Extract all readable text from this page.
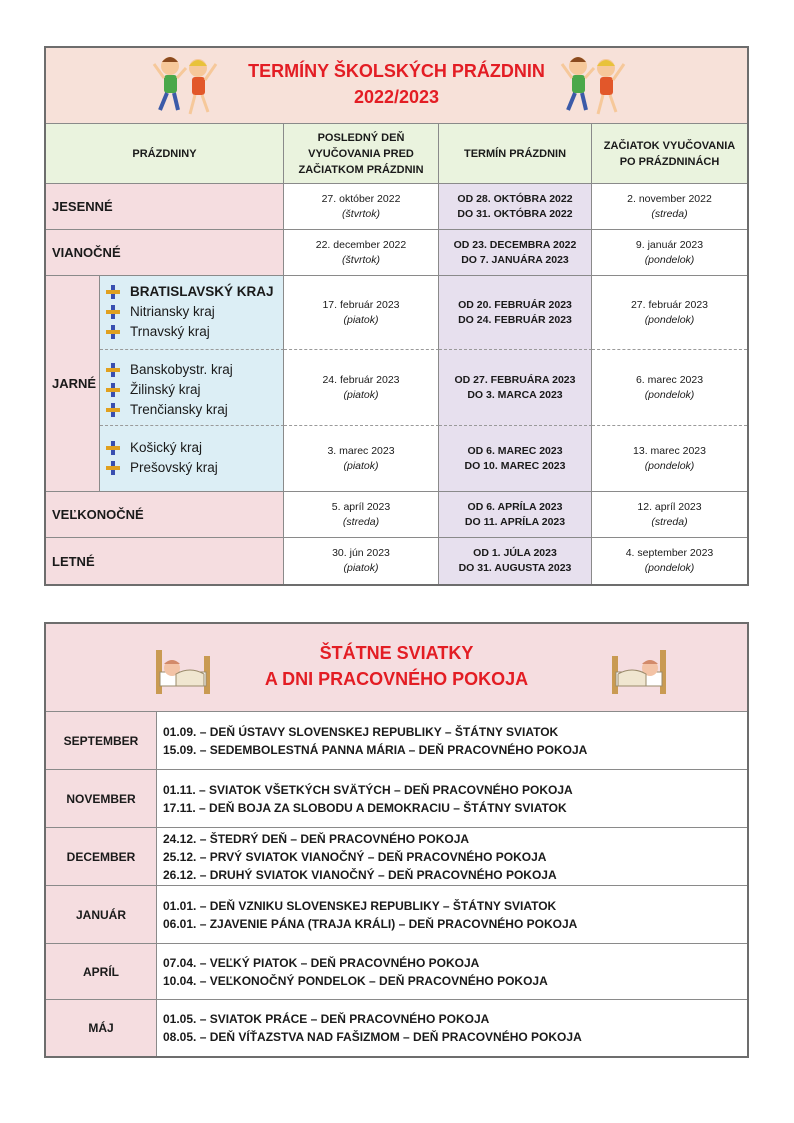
TERMÍNY ŠKOLSKÝCH PRÁZDNIN
2022/2023
PRÁZDNINY
POSLEDNÝ DEŇ
VYUČOVANIA PRED
ZAČIATKOM PRÁZDNIN
TERMÍN PRÁZDNIN
ZAČIATOK VYUČOVANIA
PO PRÁZDNINÁCH
JESENNÉ
27. október 2022
(štvrtok)
OD 28. OKTÓBRA 2022
DO 31. OKTÓBRA 2022
2. november 2022
(streda)
VIANOČNÉ
22. december 2022
(štvrtok)
OD 23. DECEMBRA 2022
DO 7. JANUÁRA 2023
9. január 2023
(pondelok)
JARNÉ
BRATISLAVSKÝ KRAJ
Nitriansky kraj
Trnavský kraj
17. február 2023
(piatok)
OD 20. FEBRUÁR 2023
DO 24. FEBRUÁR 2023
27. február 2023
(pondelok)
Banskobystr. kraj
Žilinský kraj
Trenčiansky kraj
24. február 2023
(piatok)
OD 27. FEBRUÁRA 2023
DO 3. MARCA 2023
6. marec 2023
(pondelok)
Košický kraj
Prešovský kraj
3. marec 2023
(piatok)
OD 6. MAREC 2023
DO 10. MAREC 2023
13. marec 2023
(pondelok)
VEĽKONOČNÉ
5. apríl 2023
(streda)
OD 6. APRÍLA 2023
DO 11. APRÍLA 2023
12. apríl 2023
(streda)
LETNÉ
30. jún 2023
(piatok)
OD 1. JÚLA 2023
DO 31. AUGUSTA 2023
4. september 2023
(pondelok)
ŠTÁTNE SVIATKY
A DNI PRACOVNÉHO POKOJA
SEPTEMBER
01.09. – DEŇ ÚSTAVY SLOVENSKEJ REPUBLIKY – ŠTÁTNY SVIATOK
15.09. – SEDEMBOLESTNÁ PANNA MÁRIA – DEŇ PRACOVNÉHO POKOJA
NOVEMBER
01.11. – SVIATOK VŠETKÝCH SVÄTÝCH – DEŇ PRACOVNÉHO POKOJA
17.11. – DEŇ BOJA ZA SLOBODU A DEMOKRACIU – ŠTÁTNY SVIATOK
DECEMBER
24.12. – ŠTEDRÝ DEŇ – DEŇ PRACOVNÉHO POKOJA
25.12. – PRVÝ SVIATOK VIANOČNÝ – DEŇ PRACOVNÉHO POKOJA
26.12. – DRUHÝ SVIATOK VIANOČNÝ – DEŇ PRACOVNÉHO POKOJA
JANUÁR
01.01. – DEŇ VZNIKU SLOVENSKEJ REPUBLIKY – ŠTÁTNY SVIATOK
06.01. – ZJAVENIE PÁNA (TRAJA KRÁLI) – DEŇ PRACOVNÉHO POKOJA
APRÍL
07.04. – VEĽKÝ PIATOK – DEŇ PRACOVNÉHO POKOJA
10.04. – VEĽKONOČNÝ PONDELOK – DEŇ PRACOVNÉHO POKOJA
MÁJ
01.05. – SVIATOK PRÁCE – DEŇ PRACOVNÉHO POKOJA
08.05. – DEŇ VÍŤAZSTVA NAD FAŠIZMOM – DEŇ PRACOVNÉHO POKOJA
